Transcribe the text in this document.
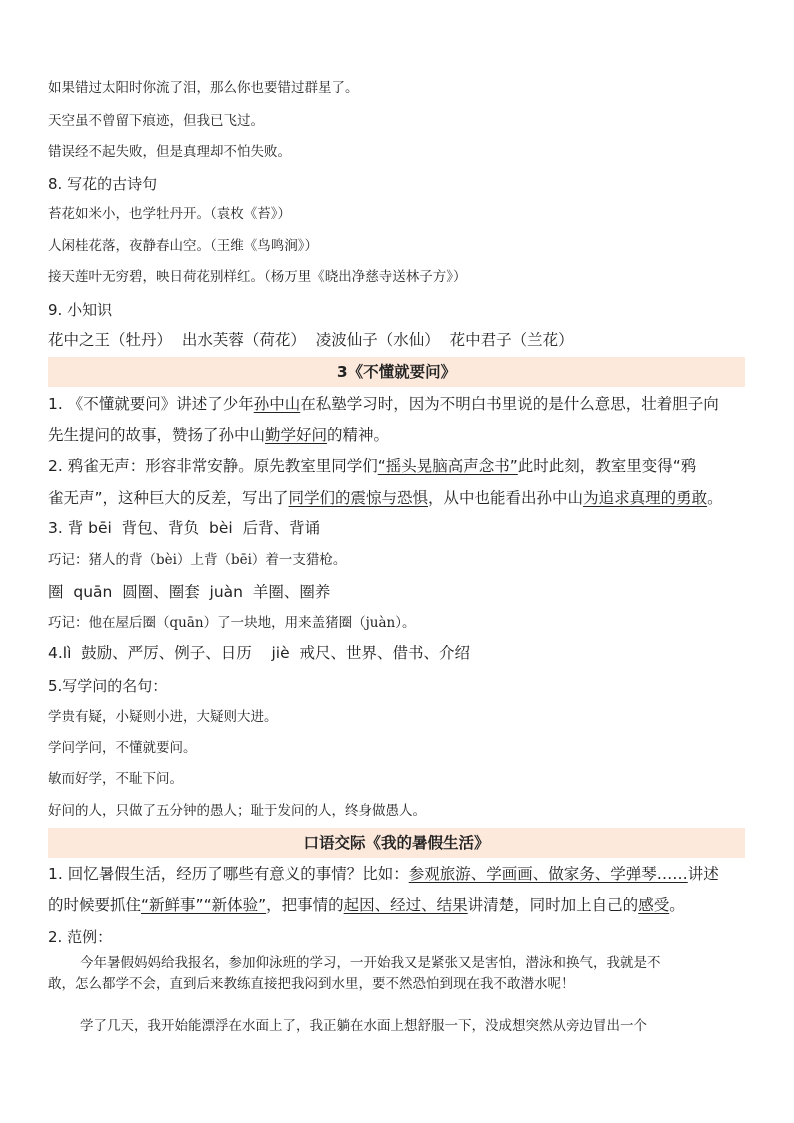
如果错过太阳时你流了泪，那么你也要错过群星了。
天空虽不曾留下痕迹，但我已飞过。
错误经不起失败，但是真理却不怕失败。
8. 写花的古诗句
苔花如米小，也学牡丹开。（袁枚《苔》）
人闲桂花落，夜静春山空。（王维《鸟鸣涧》）
接天莲叶无穷碧，映日荷花别样红。（杨万里《晓出净慈寺送林子方》）
9. 小知识
花中之王（牡丹）  出水芙蓉（荷花）  凌波仙子（水仙）  花中君子（兰花）
3《不懂就要问》
1. 《不懂就要问》讲述了少年孙中山在私塾学习时，因为不明白书里说的是什么意思，壮着胆子向
先生提问的故事，赞扬了孙中山勤学好问的精神。
2. 鸦雀无声：形容非常安静。原先教室里同学们“摇头晃脑高声念书”此时此刻，教室里变得“鸦
雀无声”，这种巨大的反差，写出了同学们的震惊与恐惧，从中也能看出孙中山为追求真理的勇敢。
3. 背 bēi  背包、背负  bèi  后背、背诵
巧记：猪人的背（bèi）上背（bēi）着一支猎枪。
圈  quān  圆圈、圈套  juàn  羊圈、圈养
巧记：他在屋后圈（quān）了一块地，用来盖猪圈（juàn）。
4.lì  鼓励、严厉、例子、日历    jiè  戒尺、世界、借书、介绍
5.写学问的名句：
学贵有疑，小疑则小进，大疑则大进。
学问学问，不懂就要问。
敏而好学，不耻下问。
好问的人，只做了五分钟的愚人；耻于发问的人，终身做愚人。
口语交际《我的暑假生活》
1. 回忆暑假生活，经历了哪些有意义的事情？比如：参观旅游、学画画、做家务、学弹琴……讲述
的时候要抓住“新鲜事”“新体验”，把事情的起因、经过、结果讲清楚，同时加上自己的感受。
2. 范例：
今年暑假妈妈给我报名，参加仰泳班的学习，一开始我又是紧张又是害怕，潜泳和换气，我就是不
敢，怎么都学不会，直到后来教练直接把我闷到水里，要不然恐怕到现在我不敢潜水呢！
学了几天，我开始能漂浮在水面上了，我正躺在水面上想舒服一下，没成想突然从旁边冒出一个
